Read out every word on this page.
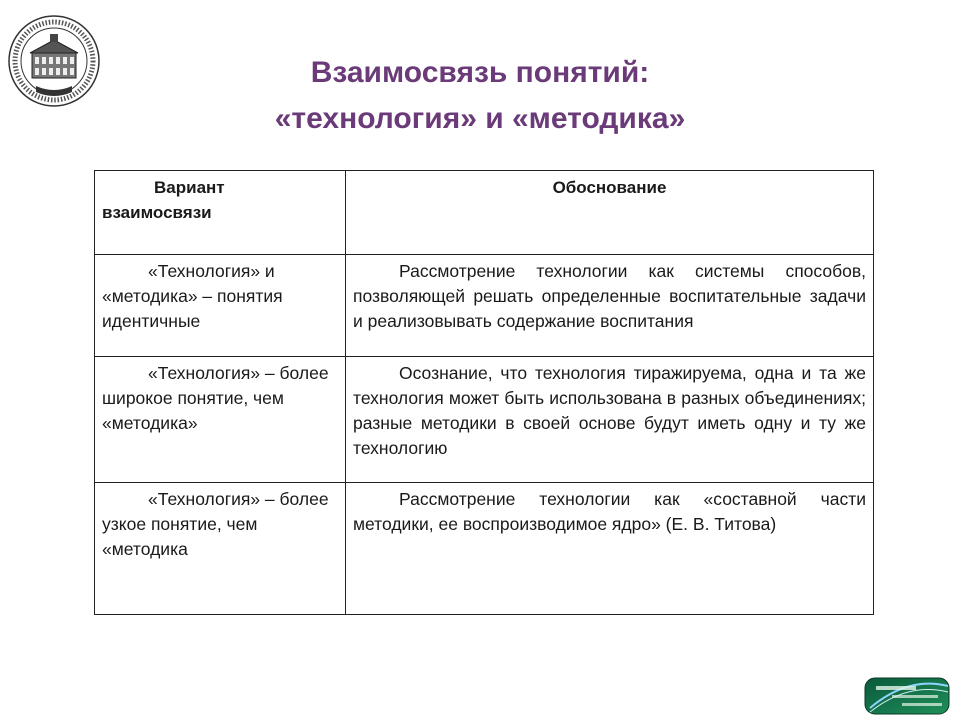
Взаимосвязь понятий:
«технология» и «методика»
Вариант взаимосвязи	Обоснование
«Технология» и «методика» – понятия идентичные	Рассмотрение технологии как системы способов, позволяющей решать определенные воспитательные задачи и реализовывать содержание воспитания
«Технология» – более широкое понятие, чем «методика»	Осознание, что технология тиражируема, одна и та же технология может быть использована в разных объединениях; разные методики в своей основе будут иметь одну и ту же технологию
«Технология» – более узкое понятие, чем «методика	Рассмотрение технологии как «составной части методики, ее воспроизводимое ядро» (Е. В. Титова)
